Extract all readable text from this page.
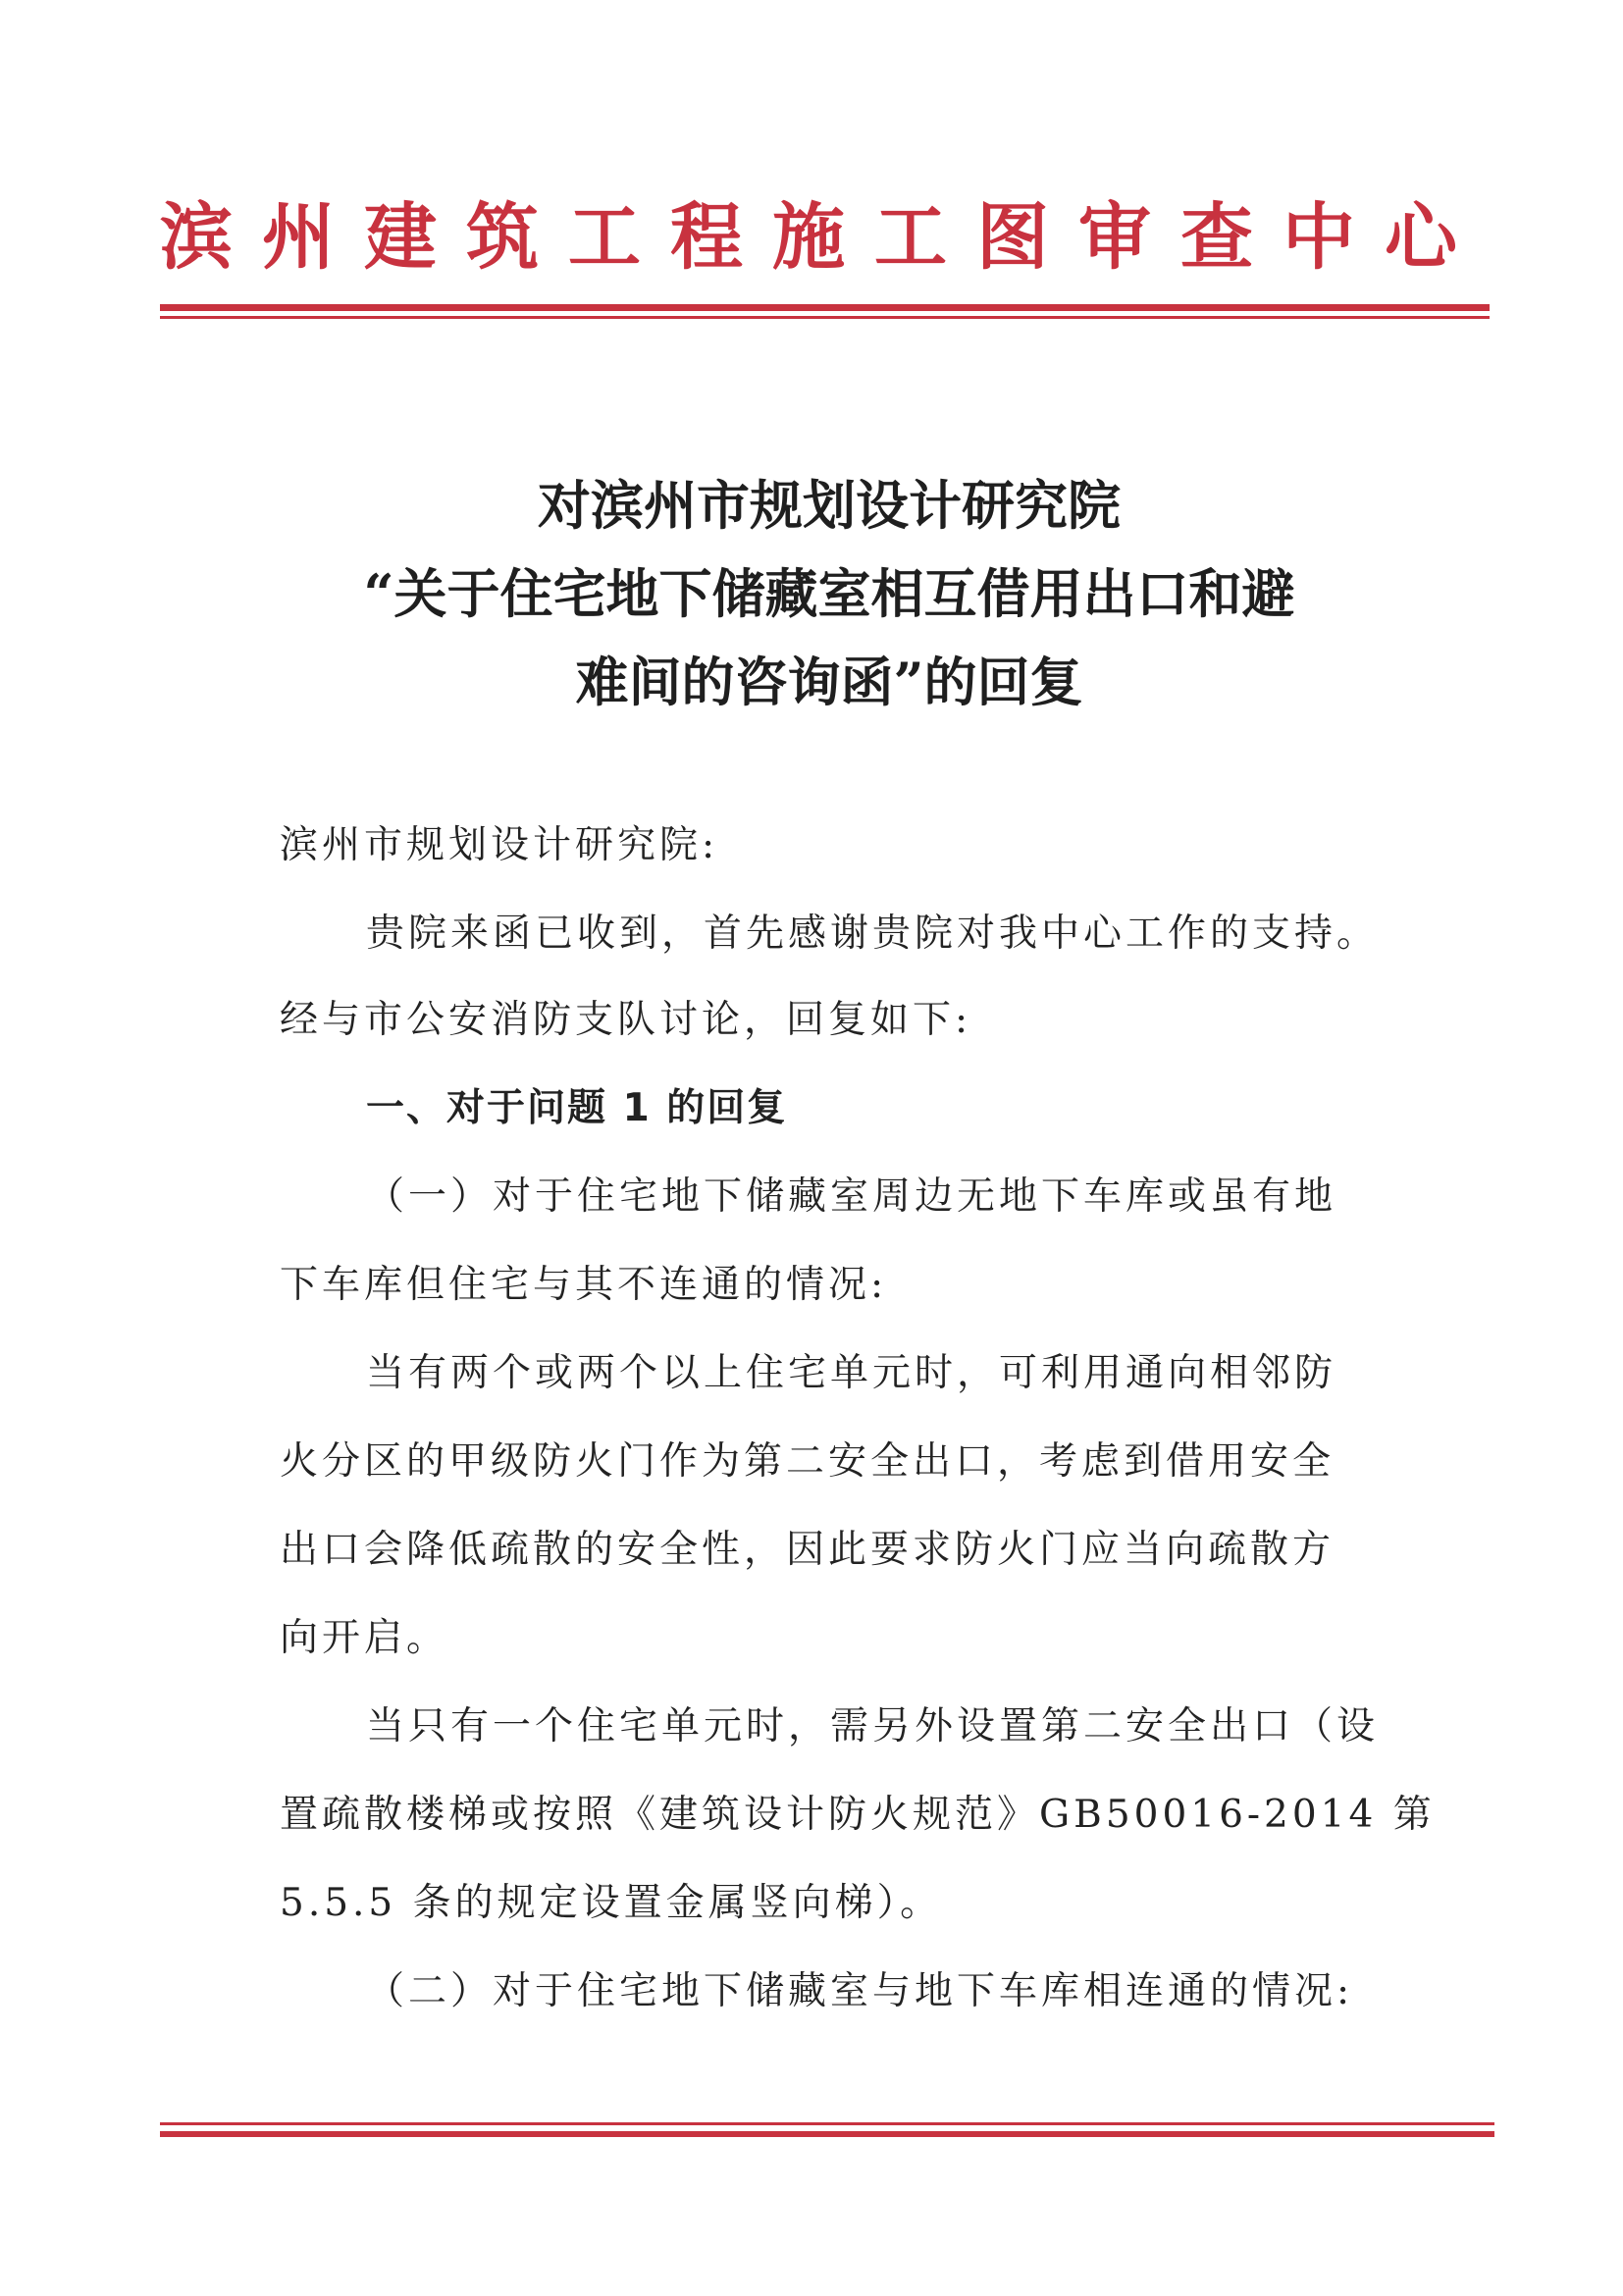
滨州建筑工程施工图审查中心
对滨州市规划设计研究院
“关于住宅地下储藏室相互借用出口和避
难间的咨询函”的回复
滨州市规划设计研究院:
贵院来函已收到，首先感谢贵院对我中心工作的支持。
经与市公安消防支队讨论，回复如下:
一、对于问题 1 的回复
（一）对于住宅地下储藏室周边无地下车库或虽有地
下车库但住宅与其不连通的情况:
当有两个或两个以上住宅单元时，可利用通向相邻防
火分区的甲级防火门作为第二安全出口，考虑到借用安全
出口会降低疏散的安全性，因此要求防火门应当向疏散方
向开启。
当只有一个住宅单元时，需另外设置第二安全出口（设
置疏散楼梯或按照《建筑设计防火规范》GB50016-2014 第
5.5.5 条的规定设置金属竖向梯）。
（二）对于住宅地下储藏室与地下车库相连通的情况:
